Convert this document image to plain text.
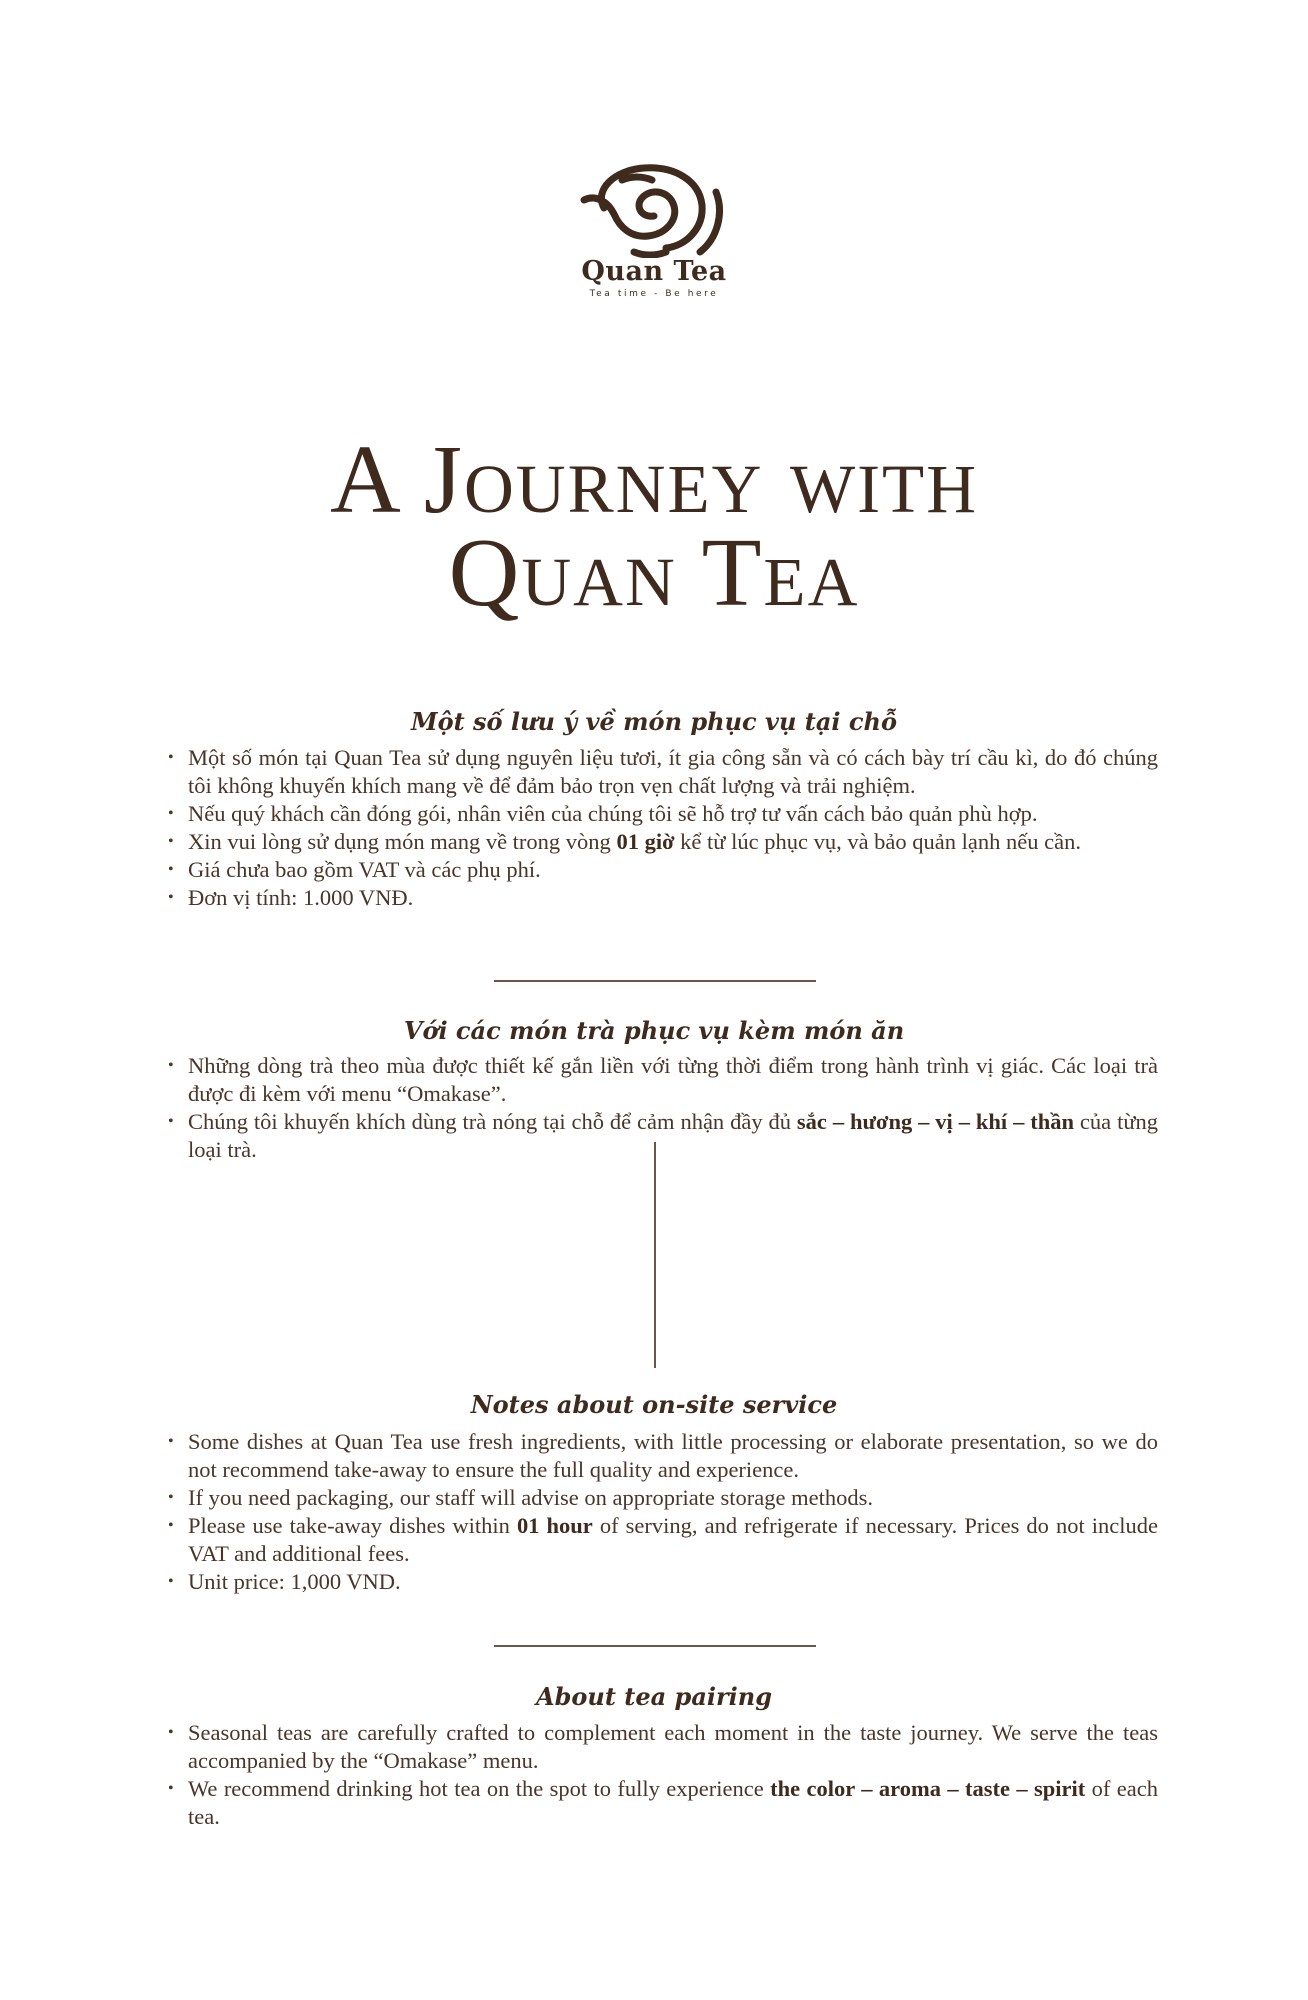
Quan Tea
Tea time - Be here
A Journey with
Quan Tea
Một số lưu ý về món phục vụ tại chỗ
• Một số món tại Quan Tea sử dụng nguyên liệu tươi, ít gia công sẵn và có cách bày trí cầu kì, do đó chúng tôi không khuyến khích mang về để đảm bảo trọn vẹn chất lượng và trải nghiệm.
• Nếu quý khách cần đóng gói, nhân viên của chúng tôi sẽ hỗ trợ tư vấn cách bảo quản phù hợp.
• Xin vui lòng sử dụng món mang về trong vòng 01 giờ kể từ lúc phục vụ, và bảo quản lạnh nếu cần.
• Giá chưa bao gồm VAT và các phụ phí.
• Đơn vị tính: 1.000 VNĐ.
Với các món trà phục vụ kèm món ăn
• Những dòng trà theo mùa được thiết kế gắn liền với từng thời điểm trong hành trình vị giác. Các loại trà được đi kèm với menu “Omakase”.
• Chúng tôi khuyến khích dùng trà nóng tại chỗ để cảm nhận đầy đủ sắc – hương – vị – khí – thần của từng loại trà.
Notes about on-site service
• Some dishes at Quan Tea use fresh ingredients, with little processing or elaborate presentation, so we do not recommend take-away to ensure the full quality and experience.
• If you need packaging, our staff will advise on appropriate storage methods.
• Please use take-away dishes within 01 hour of serving, and refrigerate if necessary. Prices do not include VAT and additional fees.
• Unit price: 1,000 VND.
About tea pairing
• Seasonal teas are carefully crafted to complement each moment in the taste journey. We serve the teas accompanied by the “Omakase” menu.
• We recommend drinking hot tea on the spot to fully experience the color – aroma – taste – spirit of each tea.
